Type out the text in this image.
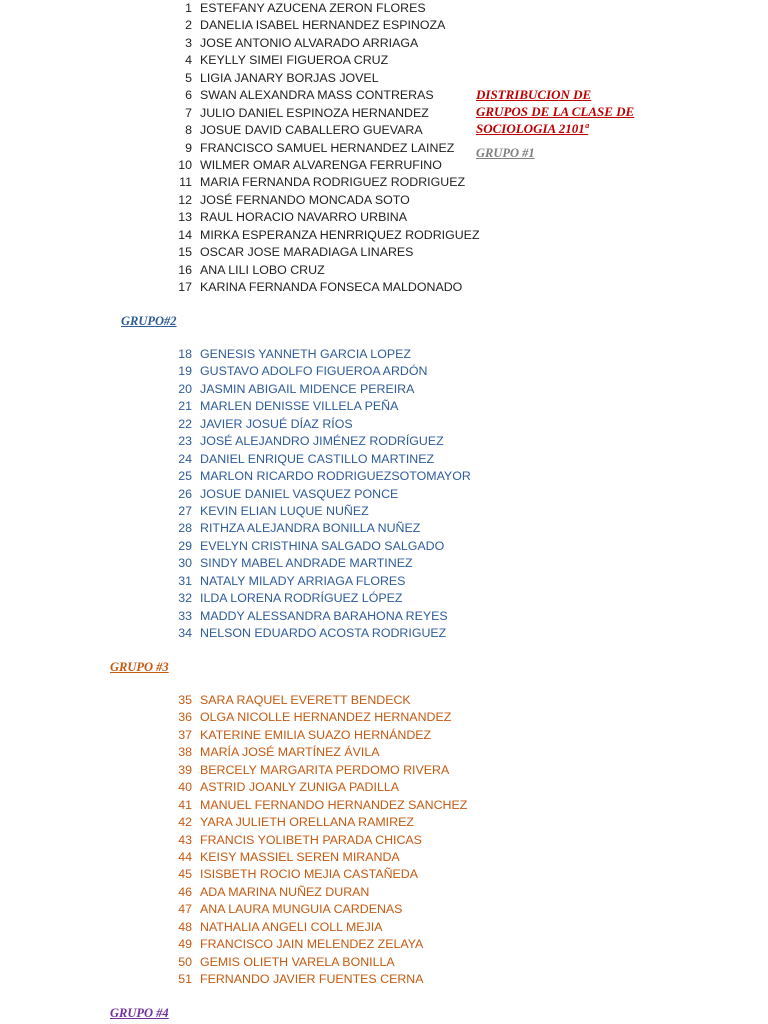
DISTRIBUCION DE
GRUPOS DE LA CLASE DE
SOCIOLOGIA 2101ª
GRUPO #1
GRUPO#2
GRUPO #3
GRUPO #4
1 ESTEFANY AZUCENA ZERON FLORES
2 DANELIA ISABEL HERNANDEZ ESPINOZA
3 JOSE ANTONIO ALVARADO ARRIAGA
4 KEYLLY SIMEI FIGUEROA CRUZ
5 LIGIA JANARY BORJAS JOVEL
6 SWAN ALEXANDRA MASS CONTRERAS
7 JULIO DANIEL ESPINOZA HERNANDEZ
8 JOSUE DAVID CABALLERO GUEVARA
9 FRANCISCO SAMUEL HERNANDEZ LAINEZ
10 WILMER OMAR ALVARENGA FERRUFINO
11 MARIA FERNANDA RODRIGUEZ RODRIGUEZ
12 JOSÉ FERNANDO MONCADA SOTO
13 RAUL HORACIO NAVARRO URBINA
14 MIRKA ESPERANZA HENRRIQUEZ RODRIGUEZ
15 OSCAR JOSE MARADIAGA LINARES
16 ANA LILI LOBO CRUZ
17 KARINA FERNANDA FONSECA MALDONADO
18 GENESIS YANNETH GARCIA LOPEZ
19 GUSTAVO ADOLFO FIGUEROA ARDÓN
20 JASMIN ABIGAIL MIDENCE PEREIRA
21 MARLEN DENISSE VILLELA PEÑA
22 JAVIER JOSUÉ DÍAZ RÍOS
23 JOSÉ ALEJANDRO JIMÉNEZ RODRÍGUEZ
24 DANIEL ENRIQUE CASTILLO MARTINEZ
25 MARLON RICARDO RODRIGUEZSOTOMAYOR
26 JOSUE DANIEL VASQUEZ PONCE
27 KEVIN ELIAN LUQUE NUÑEZ
28 RITHZA ALEJANDRA BONILLA NUÑEZ
29 EVELYN CRISTHINA SALGADO SALGADO
30 SINDY MABEL ANDRADE MARTINEZ
31 NATALY MILADY ARRIAGA FLORES
32 ILDA LORENA RODRÍGUEZ LÓPEZ
33 MADDY ALESSANDRA BARAHONA REYES
34 NELSON EDUARDO ACOSTA RODRIGUEZ
35 SARA RAQUEL EVERETT BENDECK
36 OLGA NICOLLE HERNANDEZ HERNANDEZ
37 KATERINE EMILIA SUAZO HERNÁNDEZ
38 MARÍA JOSÉ MARTÍNEZ ÁVILA
39 BERCELY MARGARITA PERDOMO RIVERA
40 ASTRID JOANLY ZUNIGA PADILLA
41 MANUEL FERNANDO HERNANDEZ SANCHEZ
42 YARA JULIETH ORELLANA RAMIREZ
43 FRANCIS YOLIBETH PARADA CHICAS
44 KEISY MASSIEL SEREN MIRANDA
45 ISISBETH ROCIO MEJIA CASTAÑEDA
46 ADA MARINA NUÑEZ DURAN
47 ANA LAURA MUNGUIA CARDENAS
48 NATHALIA ANGELI COLL MEJIA
49 FRANCISCO JAIN MELENDEZ ZELAYA
50 GEMIS OLIETH VARELA BONILLA
51 FERNANDO JAVIER FUENTES CERNA
